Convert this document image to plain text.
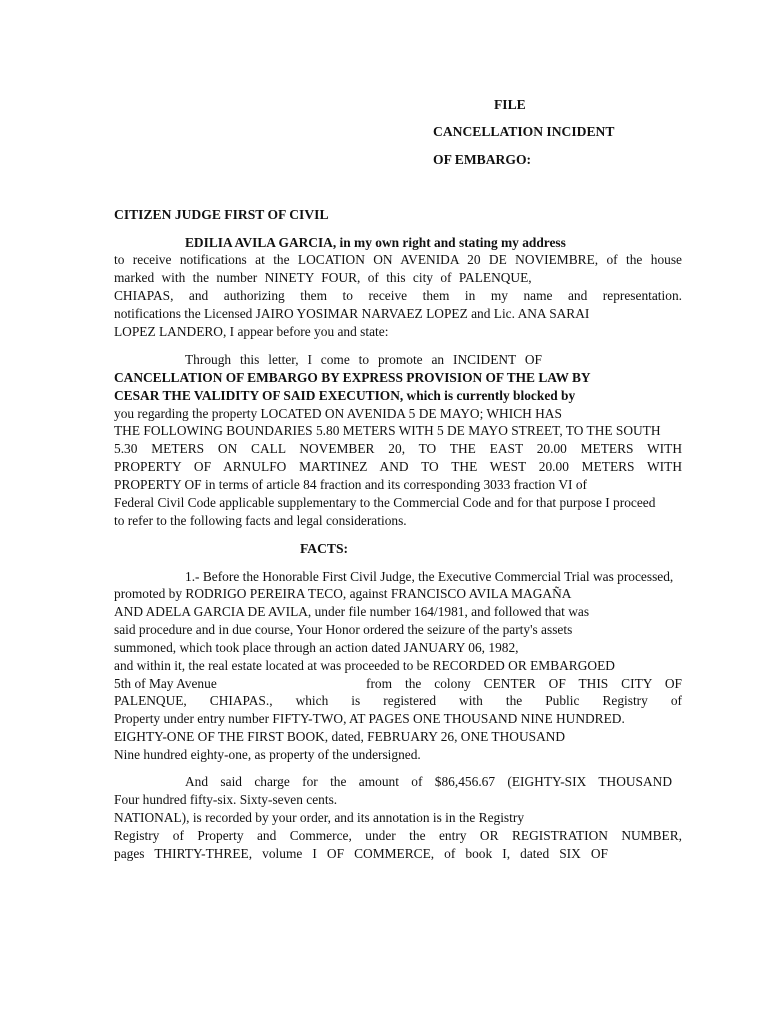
FILE
CANCELLATION INCIDENT
OF EMBARGO:
CITIZEN JUDGE FIRST OF CIVIL
EDILIA AVILA GARCIA, in my own right and stating my address
to receive notifications at the LOCATION ON AVENIDA 20 DE NOVIEMBRE, of the house
marked with the number NINETY FOUR, of this city of PALENQUE,
CHIAPAS, and authorizing them to receive them in my name and representation.
notifications the Licensed JAIRO YOSIMAR NARVAEZ LOPEZ and Lic. ANA SARAI
LOPEZ LANDERO, I appear before you and state:
Through this letter, I come to promote an INCIDENT OF
CANCELLATION OF EMBARGO BY EXPRESS PROVISION OF THE LAW BY
CESAR THE VALIDITY OF SAID EXECUTION, which is currently blocked by
you regarding the property LOCATED ON AVENIDA 5 DE MAYO; WHICH HAS
THE FOLLOWING BOUNDARIES 5.80 METERS WITH 5 DE MAYO STREET, TO THE SOUTH
5.30 METERS ON CALL NOVEMBER 20, TO THE EAST 20.00 METERS WITH
PROPERTY OF ARNULFO MARTINEZ AND TO THE WEST 20.00 METERS WITH
PROPERTY OF in terms of article 84 fraction and its corresponding 3033 fraction VI of
Federal Civil Code applicable supplementary to the Commercial Code and for that purpose I proceed
to refer to the following facts and legal considerations.
FACTS:
1.- Before the Honorable First Civil Judge, the Executive Commercial Trial was processed,
promoted by RODRIGO PEREIRA TECO, against FRANCISCO AVILA MAGAÑA
AND ADELA GARCIA DE AVILA, under file number 164/1981, and followed that was
said procedure and in due course, Your Honor ordered the seizure of the party's assets
summoned, which took place through an action dated JANUARY 06, 1982,
and within it, the real estate located at was proceeded to be RECORDED OR EMBARGOED
5th of May Avenue	from the colony CENTER OF THIS CITY OF
PALENQUE, CHIAPAS., which is registered with the Public Registry of
Property under entry number FIFTY-TWO, AT PAGES ONE THOUSAND NINE HUNDRED.
EIGHTY-ONE OF THE FIRST BOOK, dated, FEBRUARY 26, ONE THOUSAND
Nine hundred eighty-one, as property of the undersigned.
And said charge for the amount of $86,456.67 (EIGHTY-SIX THOUSAND
Four hundred fifty-six. Sixty-seven cents.
NATIONAL), is recorded by your order, and its annotation is in the Registry
Registry of Property and Commerce, under the entry OR REGISTRATION NUMBER,
pages THIRTY-THREE, volume I OF COMMERCE, of book I, dated SIX OF
